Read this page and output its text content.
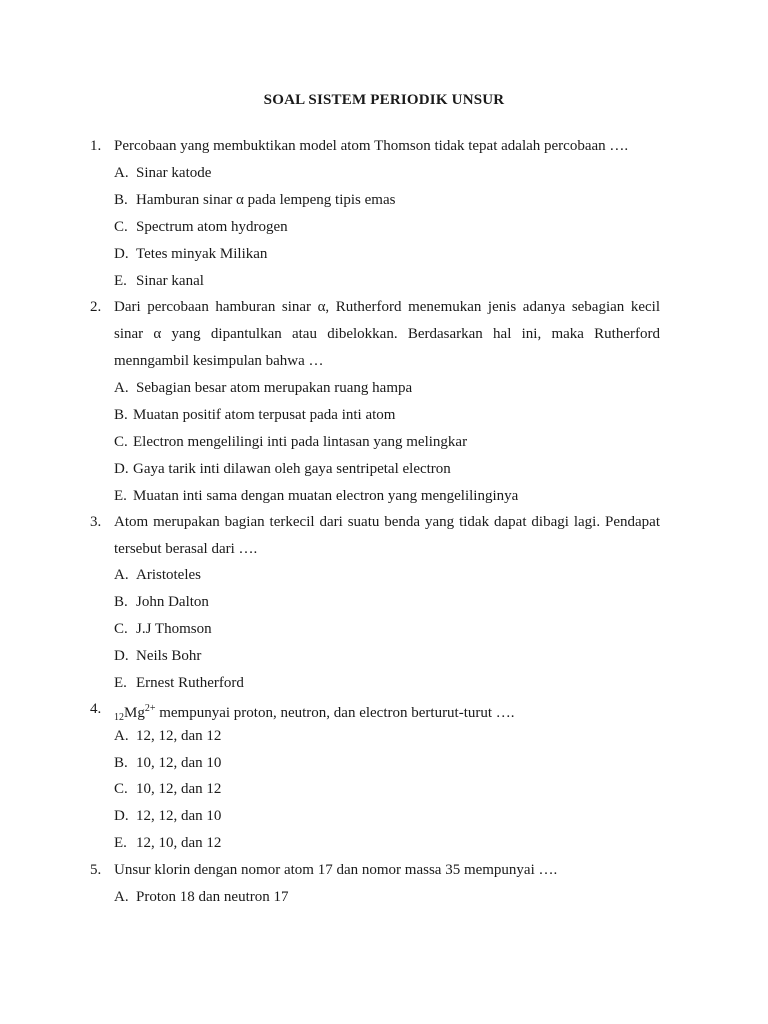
SOAL SISTEM PERIODIK UNSUR
1. Percobaan yang membuktikan model atom Thomson tidak tepat adalah percobaan ….
A. Sinar katode
B. Hamburan sinar α pada lempeng tipis emas
C. Spectrum atom hydrogen
D. Tetes minyak Milikan
E. Sinar kanal
2. Dari percobaan hamburan sinar α, Rutherford menemukan jenis adanya sebagian kecil
sinar α yang dipantulkan atau dibelokkan. Berdasarkan hal ini, maka Rutherford
menngambil kesimpulan bahwa …
A. Sebagian besar atom merupakan ruang hampa
B. Muatan positif atom terpusat pada inti atom
C. Electron mengelilingi inti pada lintasan yang melingkar
D. Gaya tarik inti dilawan oleh gaya sentripetal electron
E. Muatan inti sama dengan muatan electron yang mengelilinginya
3. Atom merupakan bagian terkecil dari suatu benda yang tidak dapat dibagi lagi. Pendapat
tersebut berasal dari ….
A. Aristoteles
B. John Dalton
C. J.J Thomson
D. Neils Bohr
E. Ernest Rutherford
4.
$_{12}Mg^{2+}$ mempunyai proton, neutron, dan electron berturut-turut ….
A. 12, 12, dan 12
B. 10, 12, dan 10
C. 10, 12, dan 12
D. 12, 12, dan 10
E. 12, 10, dan 12
5. Unsur klorin dengan nomor atom 17 dan nomor massa 35 mempunyai ….
A. Proton 18 dan neutron 17
